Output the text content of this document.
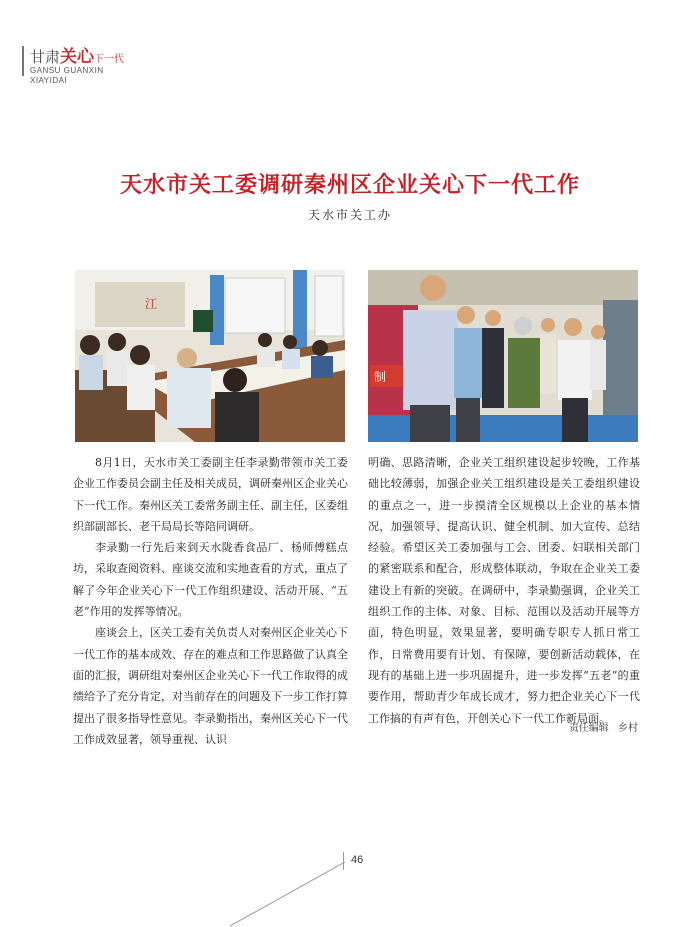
甘肃关心下一代
GANSU GUANXIN
XIAYIDAI
天水市关工委调研秦州区企业关心下一代工作
天水市关工办
江
制

8月1日，天水市关工委副主任李录勤带领市关工委企业工作委员会副主任及相关成员，调研秦州区企业关心下一代工作。秦州区关工委常务副主任、副主任，区委组织部副部长、老干局局长等陪同调研。

李录勤一行先后来到天水陇香食品厂、杨师傅糕点坊，采取查阅资料、座谈交流和实地查看的方式，重点了解了今年企业关心下一代工作组织建设、活动开展、“五老”作用的发挥等情况。

座谈会上，区关工委有关负责人对秦州区企业关心下一代工作的基本成效、存在的难点和工作思路做了认真全面的汇报，调研组对秦州区企业关心下一代工作取得的成绩给予了充分肯定，对当前存在的问题及下一步工作打算提出了很多指导性意见。李录勤指出，秦州区关心下一代工作成效显著，领导重视、认识

明确、思路清晰，企业关工组织建设起步较晚，工作基础比较薄弱，加强企业关工组织建设是关工委组织建设的重点之一，进一步摸清全区规模以上企业的基本情况，加强领导、提高认识、健全机制、加大宣传、总结经验。希望区关工委加强与工会、团委、妇联相关部门的紧密联系和配合，形成整体联动，争取在企业关工委建设上有新的突破。在调研中，李录勤强调，企业关工组织工作的主体、对象、目标、范围以及活动开展等方面，特色明显，效果显著，要明确专职专人抓日常工作，日常费用要有计划、有保障，要创新活动载体，在现有的基础上进一步巩固提升，进一步发挥“五老”的重要作用，帮助青少年成长成才，努力把企业关心下一代工作搞的有声有色，开创关心下一代工作新局面。

责任编辑 乡村
46
